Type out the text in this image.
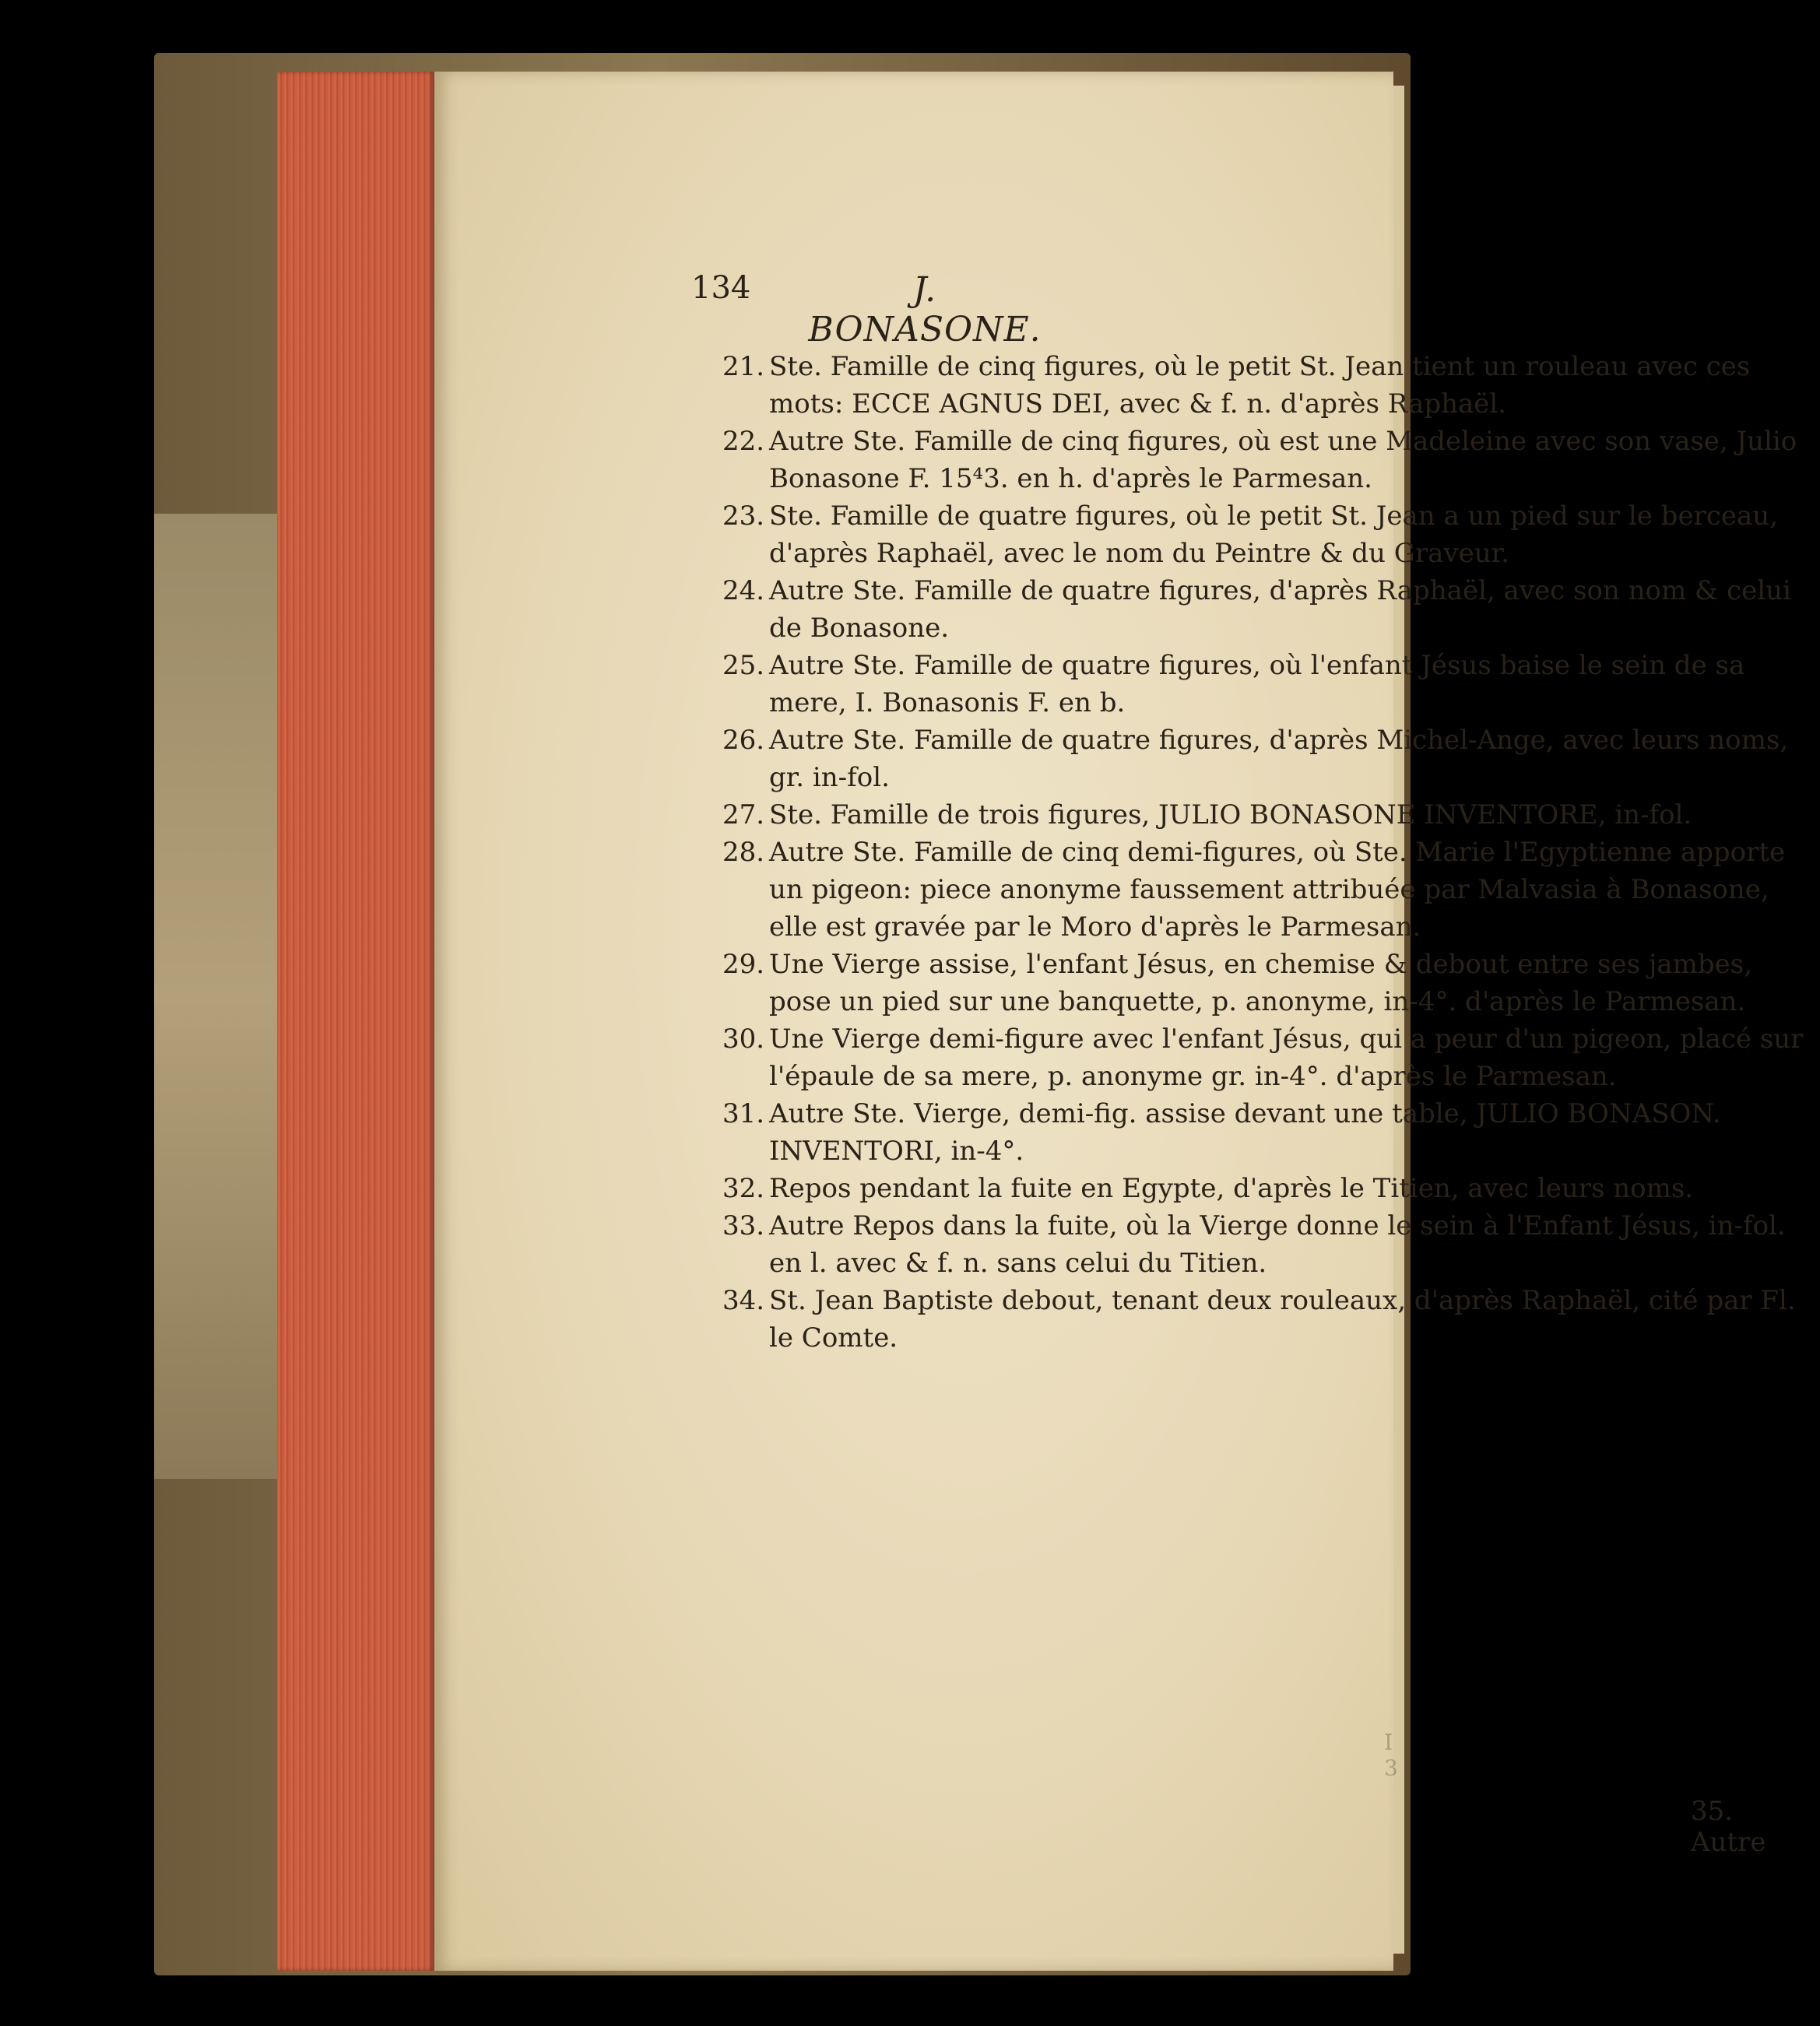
134	J. BONASONE.
21. Ste. Famille de cinq figures, où le petit St. Jean tient un rouleau avec ces mots: ECCE AGNUS DEI, avec & f. n. d'après Raphaël.
22. Autre Ste. Famille de cinq figures, où est une Madeleine avec son vase, Julio Bonasone F. 15⁴3. en h. d'après le Parmesan.
23. Ste. Famille de quatre figures, où le petit St. Jean a un pied sur le berceau, d'après Raphaël, avec le nom du Peintre & du Graveur.
24. Autre Ste. Famille de quatre figures, d'après Raphaël, avec son nom & celui de Bonasone.
25. Autre Ste. Famille de quatre figures, où l'enfant Jésus baise le sein de sa mere, I. Bonasonis F. en b.
26. Autre Ste. Famille de quatre figures, d'après Michel-Ange, avec leurs noms, gr. in-fol.
27. Ste. Famille de trois figures, JULIO BONASONE INVENTORE, in-fol.
28. Autre Ste. Famille de cinq demi-figures, où Ste. Marie l'Egyptienne apporte un pigeon: piece anonyme faussement attribuée par Malvasia à Bonasone, elle est gravée par le Moro d'après le Parmesan.
29. Une Vierge assise, l'enfant Jésus, en chemise & debout entre ses jambes, pose un pied sur une banquette, p. anonyme, in-4°. d'après le Parmesan.
30. Une Vierge demi-figure avec l'enfant Jésus, qui a peur d'un pigeon, placé sur l'épaule de sa mere, p. anonyme gr. in-4°. d'après le Parmesan.
31. Autre Ste. Vierge, demi-fig. assise devant une table, JULIO BONASON. INVENTORI, in-4°.
32. Repos pendant la fuite en Egypte, d'après le Titien, avec leurs noms.
33. Autre Repos dans la fuite, où la Vierge donne le sein à l'Enfant Jésus, in-fol. en l. avec & f. n. sans celui du Titien.
34. St. Jean Baptiste debout, tenant deux rouleaux, d'après Raphaël, cité par Fl. le Comte.
I 3
35. Autre
